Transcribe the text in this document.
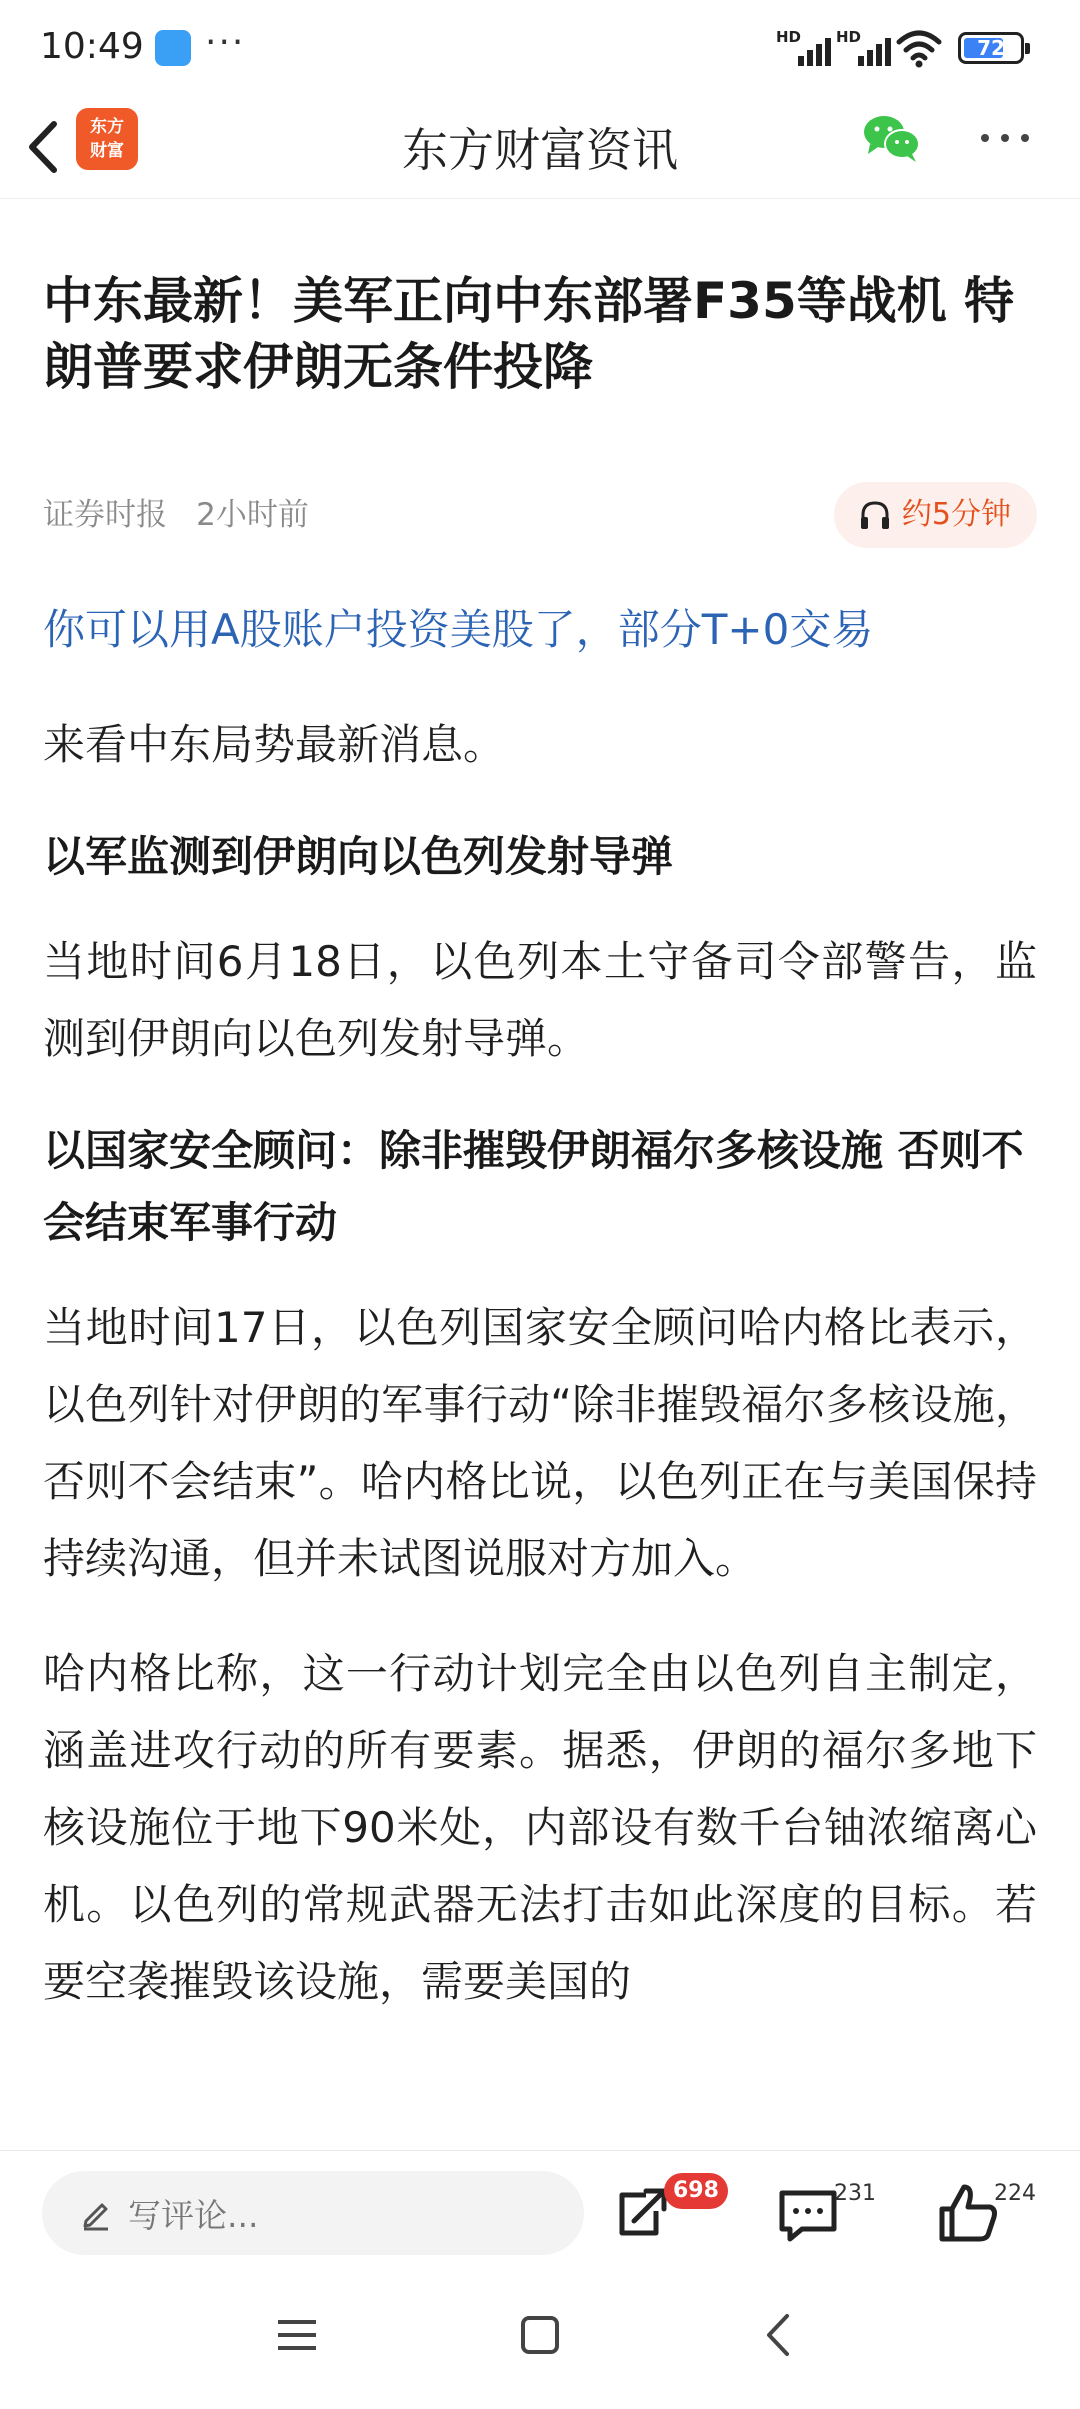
10:49 ···	HD HD	72
东方
财富	东方财富资讯
中东最新！美军正向中东部署F35等战机 特朗普要求伊朗无条件投降
证券时报 2小时前	约5分钟
你可以用A股账户投资美股了，部分T+0交易

来看中东局势最新消息。

以军监测到伊朗向以色列发射导弹

当地时间6月18日，以色列本土守备司令部警告，监测到伊朗向以色列发射导弹。

以国家安全顾问：除非摧毁伊朗福尔多核设施 否则不会结束军事行动

当地时间17日，以色列国家安全顾问哈内格比表示，以色列针对伊朗的军事行动“除非摧毁福尔多核设施，否则不会结束”。哈内格比说，以色列正在与美国保持持续沟通，但并未试图说服对方加入。

哈内格比称，这一行动计划完全由以色列自主制定，涵盖进攻行动的所有要素。据悉，伊朗的福尔多地下核设施位于地下90米处，内部设有数千台铀浓缩离心机。以色列的常规武器无法打击如此深度的目标。若要空袭摧毁该设施，需要美国的

写评论...
698	231	224
